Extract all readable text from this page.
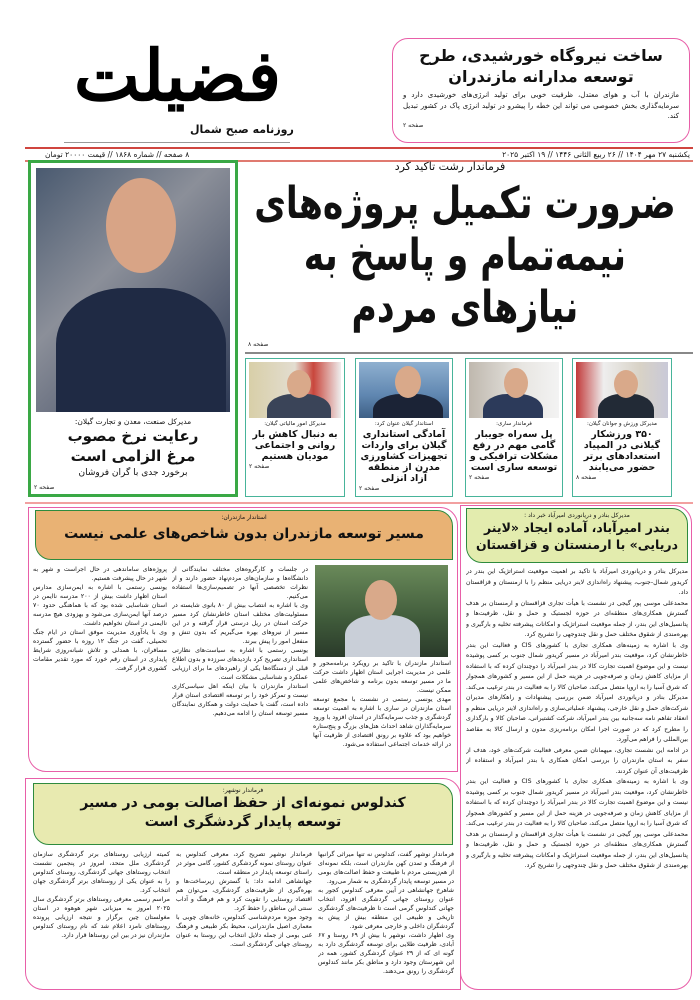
فضیلت
روزنامه صبح شمال
ساخت نیروگاه خورشیدی، طرح توسعه مدارانه مازندران

مازندران با آب و هوای معتدل، ظرفیت خوبی برای تولید انرژی‌های خورشیدی دارد و سرمایه‌گذاری بخش خصوصی می تواند این خطه را پیشرو در تولید انرژی پاک در کشور تبدیل کند.

صفحه ۲
یکشنبه ۲۷ مهر ۱۴۰۴ // ۲۶ ربیع الثانی ۱۴۴۶ // ۱۹ اکتبر ۲۰۲۵
۸ صفحه // شماره ۱۸۶۸ // قیمت ۲۰۰۰۰ تومان
مدیرکل صنعت، معدن و تجارت گیلان:
رعایت نرخ مصوب مرغ الزامی است
برخورد جدی با گران فروشان
صفحه ۲
فرماندار رشت تاکید کرد
ضرورت تکمیل پروژه‌های نیمه‌تمام و پاسخ به نیازهای مردم
صفحه ۸
مدیرکل ورزش و جوانان گیلان:
۳۵۰ ورزشکار گیلانی در المپیاد استعدادهای برتر حضور می‌یابند
صفحه ۸
فرماندار ساری:
پل سه‌راه جویبار گامی مهم در رفع مشکلات ترافیکی و توسعه ساری است
صفحه ۲
استاندار گیلان عنوان کرد:
آمادگی استانداری گیلان برای واردات تجهیزات کشاورزی مدرن از منطقه آزاد انزلی
صفحه ۲
مدیرکل امور مالیاتی گیلان:
به دنبال کاهش بار روانی و اجتماعی مودیان هستیم
صفحه ۲
مدیرکل بنادر و دریانوردی امیرآباد خبر داد :
بندر امیرآباد، آماده ایجاد «لاینر دریایی» با ارمنستان و قزاقستان

مدیرکل بنادر و دریانوردی امیرآباد با تاکید بر اهمیت موقعیت استراتژیک این بندر در کریدور شمال-جنوب، پیشنهاد راه‌اندازی لاینر دریایی منظم را با ارمنستان و قزاقستان داد.

محمدعلی موسی پور گیجی در نشست با هیأت تجاری قزاقستان و ارمنستان بر هدف گسترش همکاری‌های منطقه‌ای در حوزه لجستیک و حمل و نقل، ظرفیت‌ها و پتانسیل‌های این بندر، از جمله موقعیت استراتژیک و امکانات پیشرفته تخلیه و بارگیری و بهره‌مندی از شقوق مختلف حمل و نقل چندوجهی را تشریح کرد.

وی با اشاره به زمینه‌های همکاری تجاری با کشورهای CIS و فعالیت این بندر خاطرنشان کرد، موقعیت بندر امیرآباد در مسیر کریدور شمال جنوب بر کسی پوشیده نیست و این موضوع اهمیت تجارت کالا در بندر امیرآباد را دوچندان کرده که با استفاده از مزایای کاهش زمان و صرفه‌جویی در هزینه حمل از این مسیر و کشورهای همجوار که شرق آسیا را به اروپا متصل می‌کند، صاحبان کالا را به فعالیت در بندر ترغیب می‌کند.

مدیرکل بنادر و دریانوردی امیرآباد ضمن بررسی پیشنهادات و راهکارهای مدیران شرکت‌های حمل و نقل خارجی، پیشنهاد عملیاتی‌سازی و راه‌اندازی لاینر دریایی منظم و انعقاد تفاهم نامه سه‌جانبه بین بندر امیرآباد، شرکت کشتیرانی، صاحبان کالا و بارگذاری را مطرح کرد که در صورت اجرا امکان برنامه‌ریزی مدون و ارسال کالا به مقاصد بین‌المللی را فراهم می‌آورد.

در ادامه این نشست تجاری، میهمانان ضمن معرفی فعالیت شرکت‌های خود، هدف از سفر به استان مازندران را بررسی امکان همکاری با بندر امیرآباد و استفاده از ظرفیت‌های آن عنوان کردند.

وی با اشاره به زمینه‌های همکاری تجاری با کشورهای CIS و فعالیت این بندر خاطرنشان کرد، موقعیت بندر امیرآباد در مسیر کریدور شمال جنوب بر کسی پوشیده نیست و این موضوع اهمیت تجارت کالا در بندر امیرآباد را دوچندان کرده که با استفاده از مزایای کاهش زمان و صرفه‌جویی در هزینه حمل از این مسیر و کشورهای همجوار که شرق آسیا را به اروپا متصل می‌کند، صاحبان کالا را به فعالیت در بندر ترغیب می‌کند.

محمدعلی موسی پور گیجی در نشست با هیأت تجاری قزاقستان و ارمنستان بر هدف گسترش همکاری‌های منطقه‌ای در حوزه لجستیک و حمل و نقل، ظرفیت‌ها و پتانسیل‌های این بندر، از جمله موقعیت استراتژیک و امکانات پیشرفته تخلیه و بارگیری و بهره‌مندی از شقوق مختلف حمل و نقل چندوجهی را تشریح کرد.

استاندار مازندران:
مسیر توسعه مازندران بدون شاخص‌های علمی نیست

استاندار مازندران با تاکید بر رویکرد برنامه‌محور و علمی در مدیریت اجرایی استان اظهار داشت حرکت ما در مسیر توسعه بدون برنامه و شاخص‌های علمی ممکن نیست.

مهدی یونسی رستمی در نشست با مجمع توسعه استان مازندران در ساری با اشاره به اهمیت توسعه گردشگری و جذب سرمایه‌گذار در استان افزود با ورود سرمایه‌گذاران شاهد احداث هتل‌های بزرگ و پنج‌ستاره خواهیم بود که علاوه بر رونق اقتصادی از ظرفیت آنها در ارائه خدمات اجتماعی استفاده می‌شود.

در جلسات و کارگروه‌های مختلف نمایندگانی از دانشگاه‌ها و سازمان‌های مردم‌نهاد حضور دارند و از نظرات تخصصی آنها در تصمیم‌سازی‌ها استفاده می‌کنیم.

وی با اشاره به انتصاب بیش از ۸۰ بانوی شایسته در مسئولیت‌های مختلف استان خاطرنشان کرد مسیر حرکت استان در ریل درستی قرار گرفته و در این مسیر از نیروهای بهره می‌گیریم که بدون تنش و منفعل امور را پیش ببرند.

یونسی رستمی با اشاره به سیاست‌های نظارتی استانداری تصریح کرد بازدیدهای سرزده و بدون اطلاع قبلی از دستگاه‌ها یکی از راهبردهای ما برای ارزیابی عملکرد و شناسایی مشکلات است.

استاندار مازندران با بیان اینکه اهل سیاسی‌کاری نیست و تمرکز خود را بر توسعه اقتصادی استان قرار داده است، گفت با حمایت دولت و همکاری نمایندگان مسیر توسعه استان را ادامه می‌دهیم.

پروژه‌های ساماندهی در حال اجراست و شهر به شهر در حال پیشرفت هستیم.

یونسی رستمی با اشاره به ایمن‌سازی مدارس استان اظهار داشت بیش از ۲۰۰ مدرسه ناایمن در استان شناسایی شده بود که با هماهنگی حدود ۷۰ درصد آنها ایمن‌سازی می‌شود و بهزودی هیچ مدرسه ناایمنی در استان نخواهیم داشت.

وی با یادآوری مدیریت موفق استان در ایام جنگ تحمیلی، گفت در جنگ ۱۲ روزه با حضور گسترده مسافران، با همدلی و تلاش شبانه‌روزی شرایط پایداری در استان رقم خورد که مورد تقدیر مقامات کشوری قرار گرفت.

فرماندار نوشهر:
کندلوس نمونه‌ای از حفظ اصالت بومی در مسیر توسعه پایدار گردشگری است

فرماندار نوشهر گفت، کندلوس نه تنها میراثی گرانبها از فرهنگ و تمدن کهن مازندران است، بلکه نمونه‌ای از هم‌زیستی مردم با طبیعت و حفظ اصالت‌های بومی در مسیر توسعه پایدار گردشگری به شمار می‌رود.

شاهرخ جهانشاهی در آیین معرفی کندلوس کجور به عنوان روستای جهانی گردشگری افزود، انتخاب جهانی کندلوس گرمی است تا ظرفیت‌های گردشگری تاریخی و طبیعی این منطقه بیش از پیش به گردشگران داخلی و خارجی معرفی شود.

وی اظهار داشت، نوشهر با بیش از ۶۹ روستا و ۶۷ آبادی، ظرفیت طلایی برای توسعه گردشگری دارد به گونه ای که از ۲۹ عنوان گردشگری کشور، همه در این شهرستان وجود دارد و مناطق بکر مانند کندلوس گردشگری را رونق می‌دهند.

فرماندار نوشهر تصریح کرد، معرفی کندلوس به عنوان روستای نمونه گردشگری کشور، گامی موثر در راستای توسعه پایدار در منطقه است.

جهانشاهی ادامه داد: با گسترش زیرساخت‌ها و بهره‌گیری از ظرفیت‌های گردشگری، می‌توان هم اقتصاد روستایی را تقویت کرد و هم فرهنگ و آداب سنتی این مناطق را حفظ کرد.

وجود موزه مردم‌شناسی کندلوس، خانه‌های چوبی با معماری اصیل مازندرانی، محیط بکر طبیعی و فرهنگ غنی بومی از جمله دلایل انتخاب این روستا به عنوان روستای جهانی گردشگری است.

کمیته ارزیابی روستاهای برتر گردشگری سازمان گردشگری ملل متحد، امروز در پنجمین نشست انتخاب روستاهای جهانی گردشگری، روستای کندلوس را به عنوان یکی از روستاهای برتر گردشگری جهان انتخاب کرد.

مراسم رسمی معرفی روستاهای برتر گردشگری سال ۲۰۲۵ امروز به میزبانی شهر هوهوه در استان مغولستان چین برگزار و نتیجه ارزیابی پرونده روستاهای نامزد اعلام شد که نام روستای کندلوس مازندران نیز در بین این روستاها قرار دارد.
